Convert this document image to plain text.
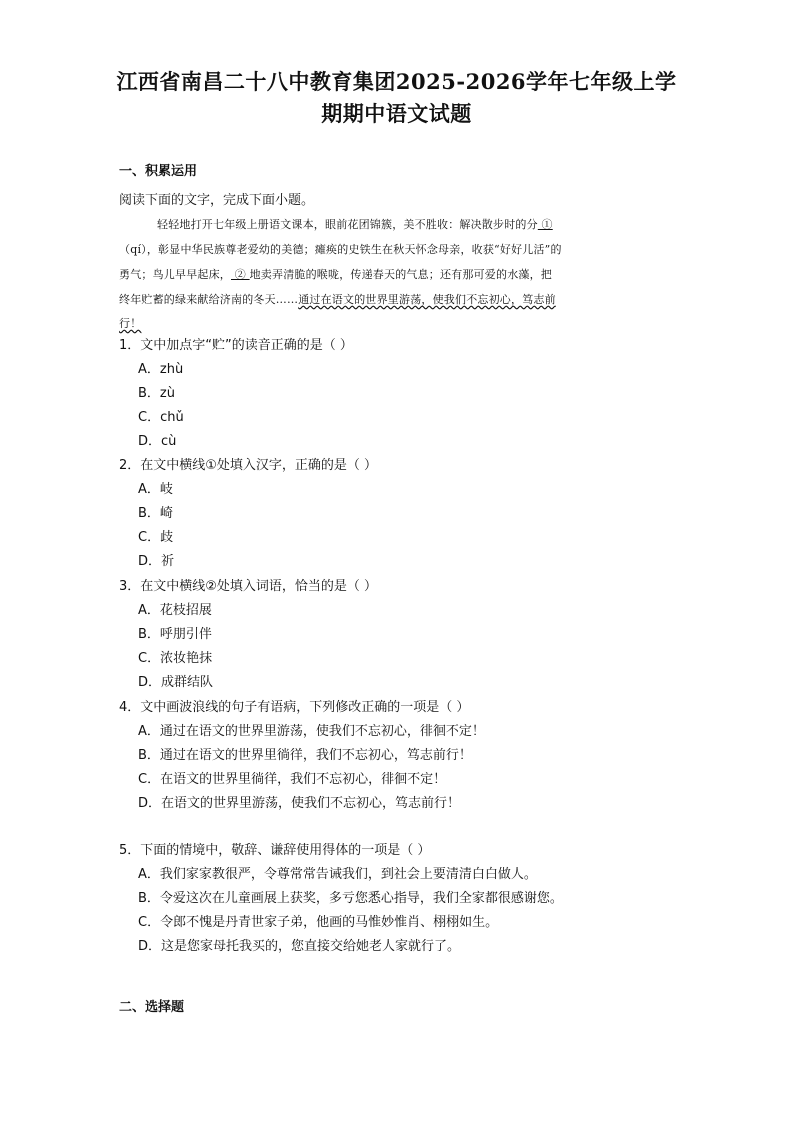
江西省南昌二十八中教育集团2025-2026学年七年级上学
期期中语文试题
一、积累运用
阅读下面的文字，完成下面小题。
轻轻地打开七年级上册语文课本，眼前花团锦簇，美不胜收：解决散步时的分 ①
（qí），彰显中华民族尊老爱幼的美德；瘫痪的史铁生在秋天怀念母亲，收获“好好儿活”的
勇气；鸟儿早早起床， ② 地卖弄清脆的喉咙，传递春天的气息；还有那可爱的水藻，把
终年贮蓄的绿来献给济南的冬天……通过在语文的世界里游荡，使我们不忘初心，笃志前
行！
1．文中加点字“贮”的读音正确的是（ ）
A．zhù
B．zù
C．chǔ
D．cù
2．在文中横线①处填入汉字，正确的是（ ）
A．岐
B．崎
C．歧
D．祈
3．在文中横线②处填入词语，恰当的是（ ）
A．花枝招展
B．呼朋引伴
C．浓妆艳抹
D．成群结队
4．文中画波浪线的句子有语病，下列修改正确的一项是（ ）
A．通过在语文的世界里游荡，使我们不忘初心，徘徊不定！
B．通过在语文的世界里徜徉，我们不忘初心，笃志前行！
C．在语文的世界里徜徉，我们不忘初心，徘徊不定！
D．在语文的世界里游荡，使我们不忘初心，笃志前行！
5．下面的情境中，敬辞、谦辞使用得体的一项是（ ）
A．我们家家教很严，令尊常常告诫我们，到社会上要清清白白做人。
B．令爱这次在儿童画展上获奖，多亏您悉心指导，我们全家都很感谢您。
C．令郎不愧是丹青世家子弟，他画的马惟妙惟肖、栩栩如生。
D．这是您家母托我买的，您直接交给她老人家就行了。
二、选择题
